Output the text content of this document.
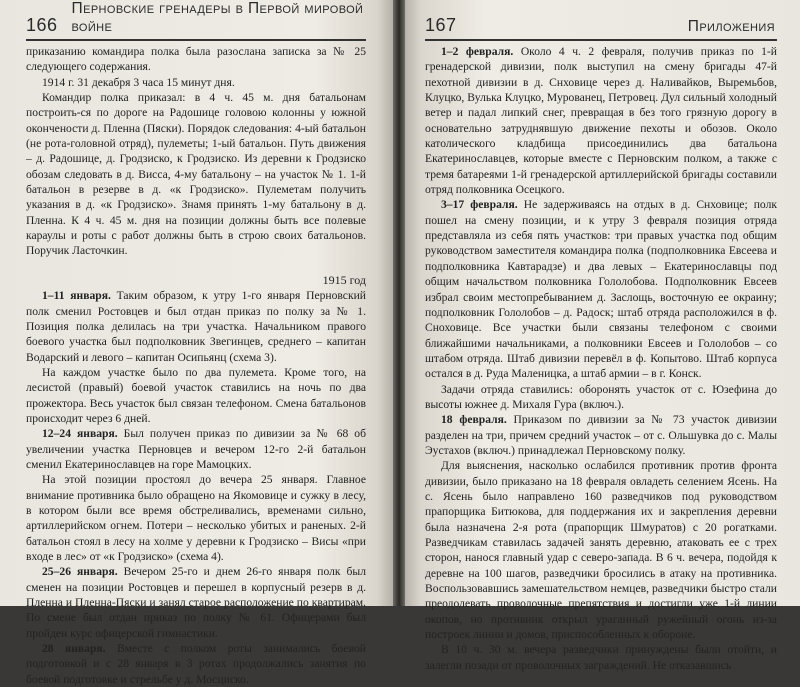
166
Перновские гренадеры в Первой мировой войне

приказанию командира полка была разослана записка за № 25 следующего содержания.

1914 г. 31 декабря 3 часа 15 минут дня.

Командир полка приказал: в 4 ч. 45 м. дня батальонам построить-ся по дороге на Радошице головою колонны у южной окончености д. Пленна (Пяски). Порядок следования: 4-ый батальон (не рота-головной отряд), пулеметы; 1-ый батальон. Путь движения – д. Радошице, д. Гродзиско, к Гродзиско. Из деревни к Гродзиско обозам следовать в д. Висса, 4-му батальону – на участок № 1. 1-й батальон в резерве в д. «к Гродзиско». Пулеметам получить указания в д. «к Гродзиско». Знамя принять 1-му батальону в д. Пленна. К 4 ч. 45 м. дня на позиции должны быть все полевые караулы и роты с работ должны быть в строю своих батальонов. Поручик Ласточкин.

1915 год

1–11 января. Таким образом, к утру 1-го января Перновский полк сменил Ростовцев и был отдан приказ по полку за № 1. Позиция полка делилась на три участка. Начальником правого боевого участка был подполковник Звегинцев, среднего – капитан Водарский и левого – капитан Осипьянц (схема 3).

На каждом участке было по два пулемета. Кроме того, на лесистой (правый) боевой участок ставились на ночь по два прожектора. Весь участок был связан телефоном. Смена батальонов происходит через 6 дней.

12–24 января. Был получен приказ по дивизии за № 68 об увеличении участка Перновцев и вечером 12-го 2-й батальон сменил Екатеринославцев на горе Мамоцких.

На этой позиции простоял до вечера 25 января. Главное внимание противника было обращено на Якомовице и сужку в лесу, в котором были все время обстреливались, временами сильно, артиллерийском огнем. Потери – несколько убитых и раненых. 2-й батальон стоял в лесу на холме у деревни к Гродзиско – Висы «при входе в лес» от «к Гродзиско» (схема 4).

25–26 января. Вечером 25-го и днем 26-го января полк был сменен на позиции Ростовцев и перешел в корпусный резерв в д. Пленна и Пленна-Пяски и занял старое расположение по квартирам. По смене был отдан приказ по полку № 61. Офицерами был пройден курс офицерской гимнастики.

28 января. Вместе с полком роты занимались боевой подготовкой и с 28 января в 3 ротах продолжались занятия по боевой подготовке и стрельбе у д. Мосциско.

167	Приложения

1–2 февраля. Около 4 ч. 2 февраля, получив приказ по 1-й гренадерской дивизии, полк выступил на смену бригады 47-й пехотной дивизии в д. Снховице через д. Наливайков, Выремьбов, Клуцко, Вулька Клуцко, Мурованец, Петровец. Дул сильный холодный ветер и падал липкий снег, превращая в без того грязную дорогу в основательно затруднявшую движение пехоты и обозов. Около католического кладбища присоединились два батальона Екатеринославцев, которые вместе с Перновским полком, а также с тремя батареями 1-й гренадерской артиллерийской бригады составили отряд полковника Осецкого.

3–17 февраля. Не задерживаясь на отдых в д. Снховице; полк пошел на смену позиции, и к утру 3 февраля позиция отряда представляла из себя пять участков: три правых участка под общим руководством заместителя командира полка (подполковника Евсеева и подполковника Кавтарадзе) и два левых – Екатеринославцы под общим начальством полковника Гололобова. Подполковник Евсеев избрал своим местопребыванием д. Заслощь, восточную ее окраину; подполковник Гололобов – д. Радоск; штаб отряда расположился в ф. Сноховице. Все участки были связаны телефоном с своими ближайшими начальниками, а полковники Евсеев и Гололобов – со штабом отряда. Штаб дивизии перевёл в ф. Копытово. Штаб корпуса остался в д. Руда Маленицка, а штаб армии – в г. Конск.

Задачи отряда ставились: оборонять участок от с. Юзефина до высоты южнее д. Михаля Гура (включ.).

18 февраля. Приказом по дивизии за № 73 участок дивизии разделен на три, причем средний участок – от с. Ольшувка до с. Малы Эустахов (включ.) принадлежал Перновскому полку.

Для выяснения, насколько ослабился противник против фронта дивизии, было приказано на 18 февраля овладеть селением Ясень. На с. Ясень было направлено 160 разведчиков под руководством прапорщика Битюкова, для поддержания их и закрепления деревни была назначена 2-я рота (прапорщик Шмуратов) с 20 рогатками. Разведчикам ставилась задачей занять деревню, атаковать ее с трех сторон, нанося главный удар с северо-запада. В 6 ч. вечера, подойдя к деревне на 100 шагов, разведчики бросились в атаку на противника. Воспользовавшись замешательством немцев, разведчики быстро стали преодолевать проволочные препятствия и достигли уже 1-й линии окопов, но противник открыл ураганный ружейный огонь из-за построек линии и домов, приспособленных к обороне.

В 10 ч. 30 м. вечера разведчики принуждены были отойти, и залегли позади от проволочных заграждений. Не отказавшись
